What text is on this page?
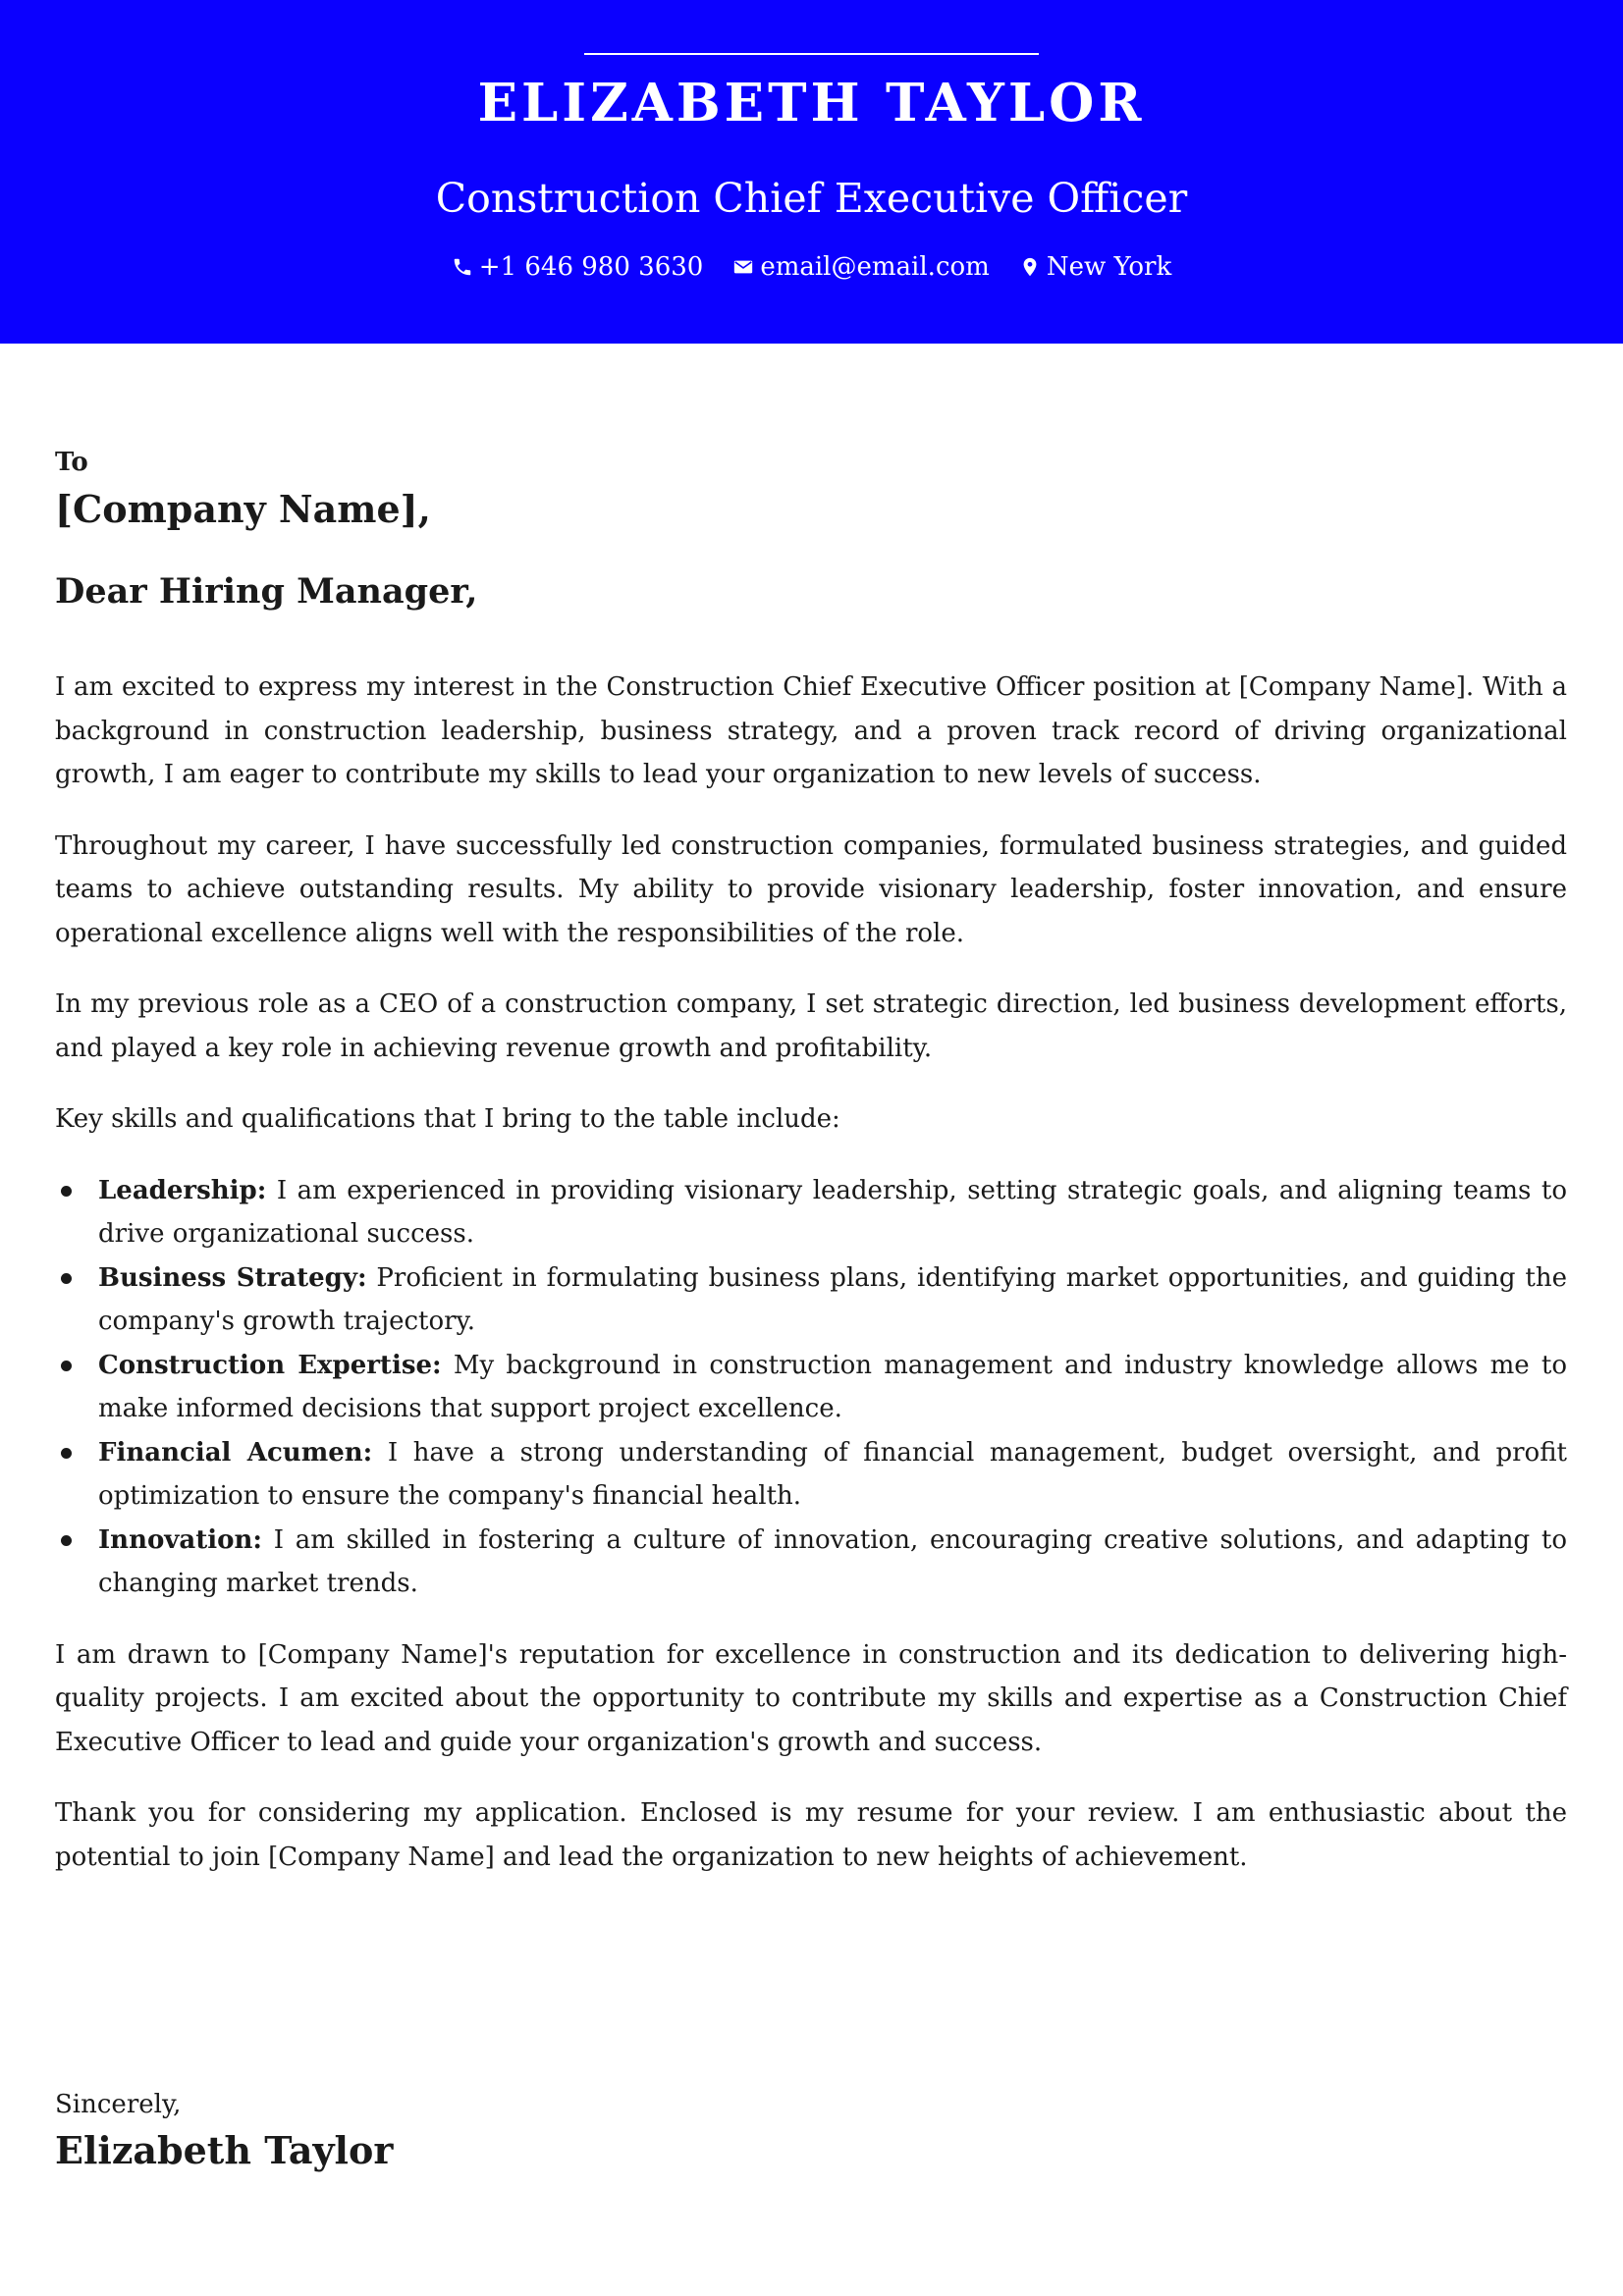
ELIZABETH TAYLOR
Construction Chief Executive Officer
+1 646 980 3630 email@email.com New York
To
[Company Name],
Dear Hiring Manager,

I am excited to express my interest in the Construction Chief Executive Officer position at [Company Name]. With a background in construction leadership, business strategy, and a proven track record of driving organizational growth, I am eager to contribute my skills to lead your organization to new levels of success.

Throughout my career, I have successfully led construction companies, formulated business strategies, and guided teams to achieve outstanding results. My ability to provide visionary leadership, foster innovation, and ensure operational excellence aligns well with the responsibilities of the role.

In my previous role as a CEO of a construction company, I set strategic direction, led business development efforts, and played a key role in achieving revenue growth and profitability.

Key skills and qualifications that I bring to the table include:

Leadership: I am experienced in providing visionary leadership, setting strategic goals, and aligning teams to drive organizational success.
Business Strategy: Proficient in formulating business plans, identifying market opportunities, and guiding the company's growth trajectory.
Construction Expertise: My background in construction management and industry knowledge allows me to make informed decisions that support project excellence.
Financial Acumen: I have a strong understanding of financial management, budget oversight, and profit optimization to ensure the company's financial health.
Innovation: I am skilled in fostering a culture of innovation, encouraging creative solutions, and adapting to changing market trends.

I am drawn to [Company Name]'s reputation for excellence in construction and its dedication to delivering high-quality projects. I am excited about the opportunity to contribute my skills and expertise as a Construction Chief Executive Officer to lead and guide your organization's growth and success.

Thank you for considering my application. Enclosed is my resume for your review. I am enthusiastic about the potential to join [Company Name] and lead the organization to new heights of achievement.

Sincerely,
Elizabeth Taylor
